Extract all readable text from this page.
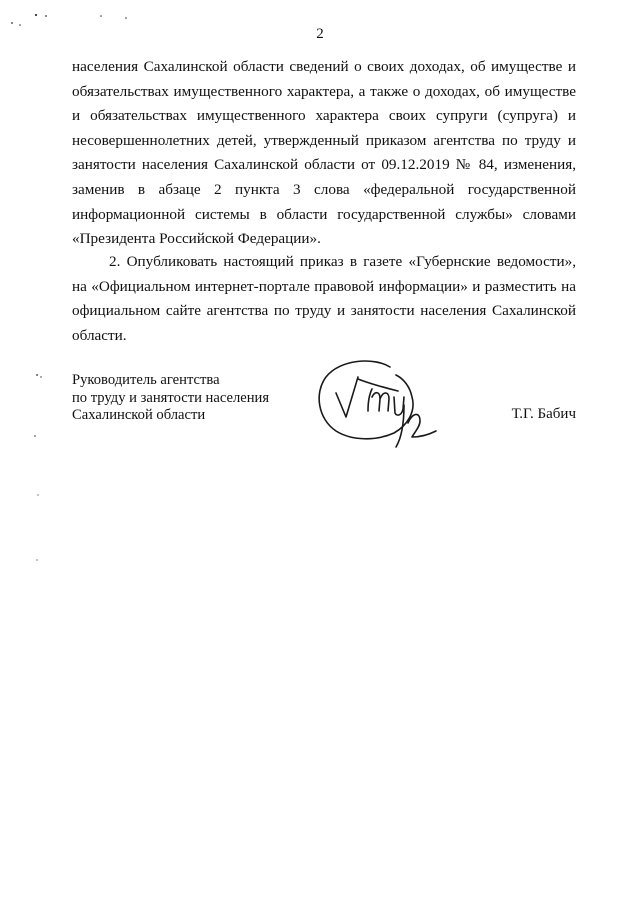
2

населения Сахалинской области сведений о своих доходах, об имуществе и обязательствах имущественного характера, а также о доходах, об имуществе и обязательствах имущественного характера своих супруги (супруга) и несовершеннолетних детей, утвержденный приказом агентства по труду и занятости населения Сахалинской области от 09.12.2019 № 84, изменения, заменив в абзаце 2 пункта 3 слова «федеральной государственной информационной системы в области государственной службы» словами «Президента Российской Федерации».

2. Опубликовать настоящий приказ в газете «Губернские ведомости», на «Официальном интернет-портале правовой информации» и разместить на официальном сайте агентства по труду и занятости населения Сахалинской области.

Руководитель агентства
по труду и занятости населения
Сахалинской области	Т.Г. Бабич
